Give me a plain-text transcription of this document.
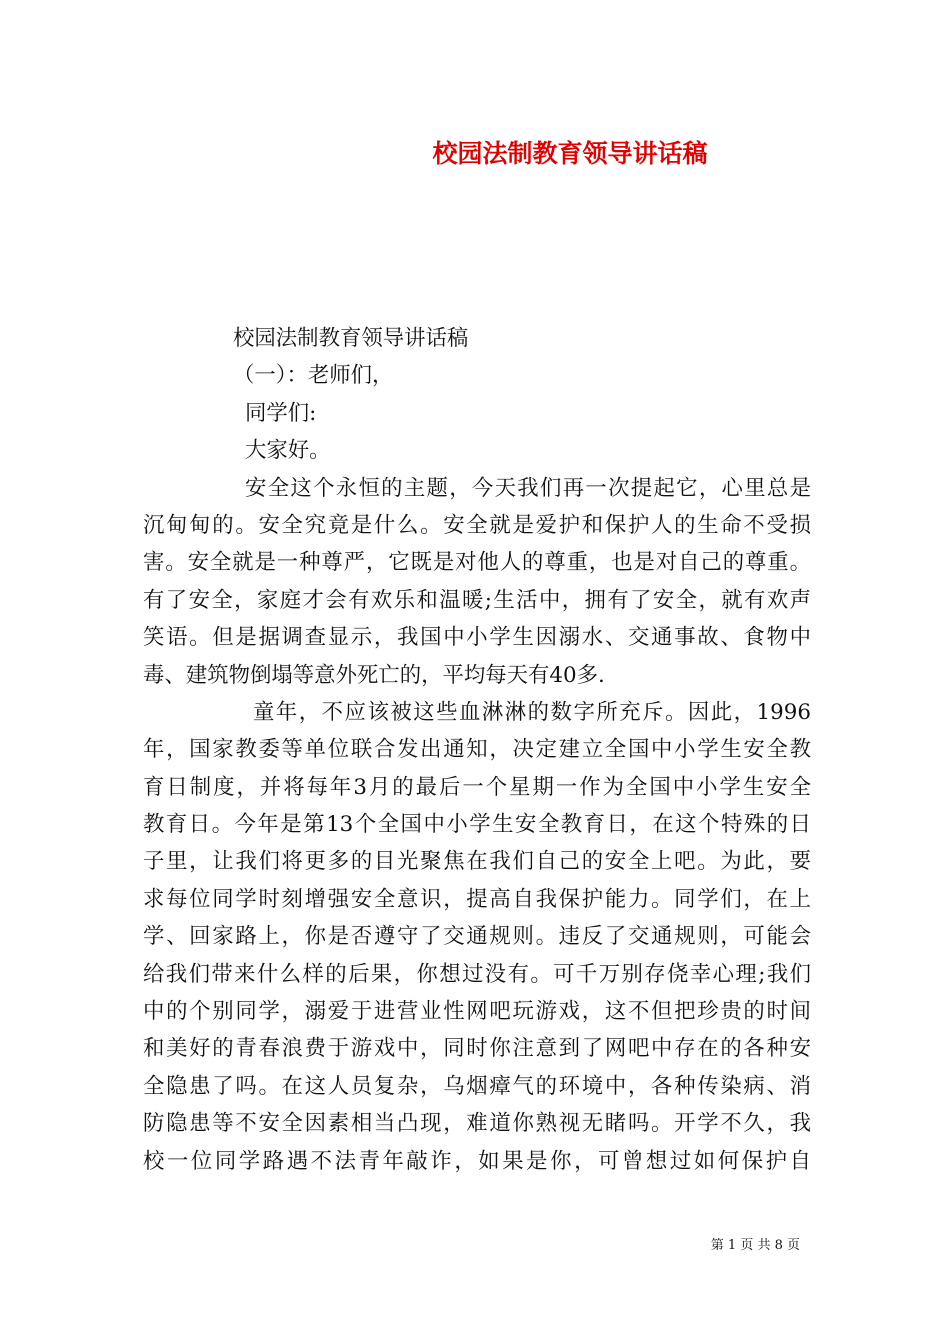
校园法制教育领导讲话稿
校园法制教育领导讲话稿
（一）：老师们，
同学们:
大家好。
安全这个永恒的主题，今天我们再一次提起它，心里总是
沉甸甸的。安全究竟是什么。安全就是爱护和保护人的生命不受损
害。安全就是一种尊严，它既是对他人的尊重，也是对自己的尊重。
有了安全，家庭才会有欢乐和温暖;生活中，拥有了安全，就有欢声
笑语。但是据调查显示，我国中小学生因溺水、交通事故、食物中
毒、建筑物倒塌等意外死亡的，平均每天有40多.
童年，不应该被这些血淋淋的数字所充斥。因此，1996
年，国家教委等单位联合发出通知，决定建立全国中小学生安全教
育日制度，并将每年3月的最后一个星期一作为全国中小学生安全
教育日。今年是第13个全国中小学生安全教育日，在这个特殊的日
子里，让我们将更多的目光聚焦在我们自己的安全上吧。为此，要
求每位同学时刻增强安全意识，提高自我保护能力。同学们，在上
学、回家路上，你是否遵守了交通规则。违反了交通规则，可能会
给我们带来什么样的后果，你想过没有。可千万别存侥幸心理;我们
中的个别同学，溺爱于进营业性网吧玩游戏，这不但把珍贵的时间
和美好的青春浪费于游戏中，同时你注意到了网吧中存在的各种安
全隐患了吗。在这人员复杂，乌烟瘴气的环境中，各种传染病、消
防隐患等不安全因素相当凸现，难道你熟视无睹吗。开学不久，我
校一位同学路遇不法青年敲诈，如果是你，可曾想过如何保护自
第 1 页 共 8 页
